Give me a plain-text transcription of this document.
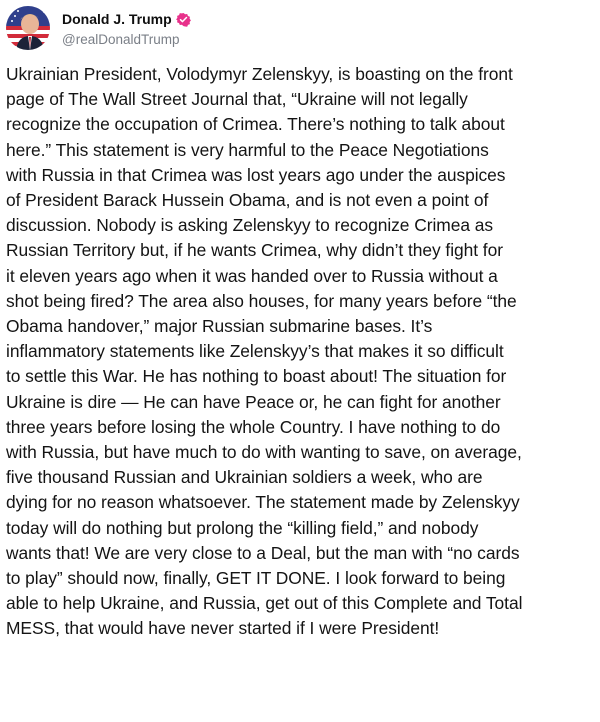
Donald J. Trump
@realDonaldTrump

Ukrainian President, Volodymyr Zelenskyy, is boasting on the front
page of The Wall Street Journal that, “Ukraine will not legally
recognize the occupation of Crimea. There’s nothing to talk about
here.” This statement is very harmful to the Peace Negotiations
with Russia in that Crimea was lost years ago under the auspices
of President Barack Hussein Obama, and is not even a point of
discussion. Nobody is asking Zelenskyy to recognize Crimea as
Russian Territory but, if he wants Crimea, why didn’t they fight for
it eleven years ago when it was handed over to Russia without a
shot being fired? The area also houses, for many years before “the
Obama handover,” major Russian submarine bases. It’s
inflammatory statements like Zelenskyy’s that makes it so difficult
to settle this War. He has nothing to boast about! The situation for
Ukraine is dire — He can have Peace or, he can fight for another
three years before losing the whole Country. I have nothing to do
with Russia, but have much to do with wanting to save, on average,
five thousand Russian and Ukrainian soldiers a week, who are
dying for no reason whatsoever. The statement made by Zelenskyy
today will do nothing but prolong the “killing field,” and nobody
wants that! We are very close to a Deal, but the man with “no cards
to play” should now, finally, GET IT DONE. I look forward to being
able to help Ukraine, and Russia, get out of this Complete and Total
MESS, that would have never started if I were President!
